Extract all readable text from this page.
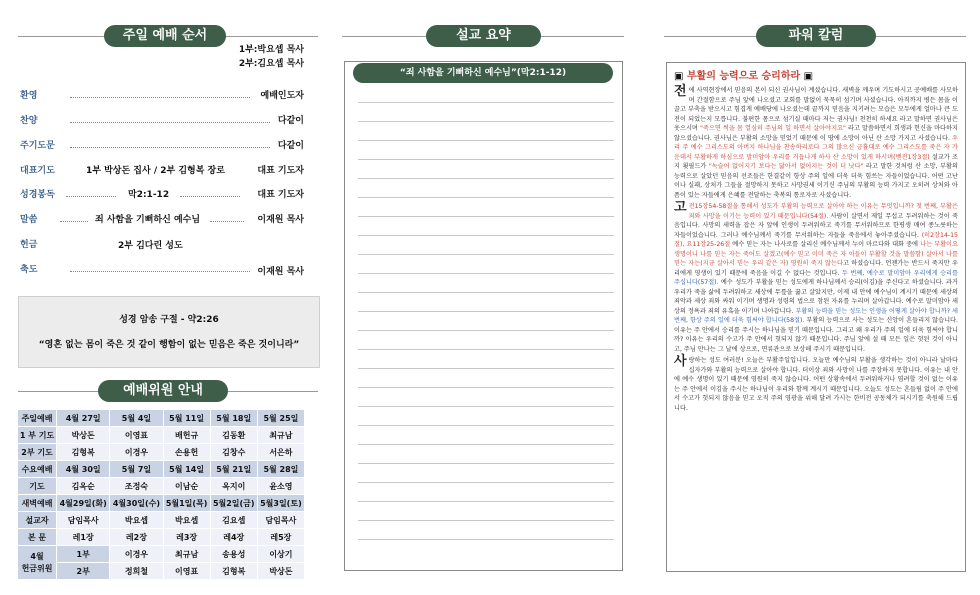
주일 예배 순서
1부:박요셉 목사
2부:김요셉 목사
환영	예배인도자
찬양	다같이
주기도문	다같이
대표기도	1부 박상돈 집사 / 2부 김형복 장로	대표 기도자
성경봉독	막2:1-12	대표 기도자
말씀	죄 사함을 기뻐하신 예수님	이재원 목사
헌금	2부 김다린 성도
축도	이재원 목사
성경 암송 구절 - 약2:26
“영혼 없는 몸이 죽은 것 같이 행함이 없는 믿음은 죽은 것이니라”
예배위원 안내
주일예배	4월 27일	5월 4일	5월 11일	5월 18일	5월 25일
1 부 기도	박상돈	이영표	배헌규	김동환	최규남
2부 기도	김형복	이경우	손용헌	김창수	서은하
수요예배	4월 30일	5월 7일	5월 14일	5월 21일	5월 28일
기도	김옥순	조정숙	이남순	옥지이	윤소영
새벽예배	4월29일(화)	4월30일(수)	5월1일(목)	5월2일(금)	5월3일(토)
설교자	담임목사	박요셉	박요셉	김요셉	담임목사
본 문	레1장	레2장	레3장	레4장	레5장
4월
헌금위원	1부	이경우	최규남	송용성	이상기
	2부	정희철	이영표	김형복	박상돈
설교 요약
“죄 사함을 기뻐하신 예수님”(막2:1-12)
파워 칼럼
▣ 부활의 능력으로 승리하라 ▣

전에 사역현장에서 믿음의 본이 되신 권사님이 계셨습니다. 새벽을 깨우며 기도하시고 공예배를 사모하며 간절함으로 주님 앞에 나오셨고 교회를 말없이 묵묵히 섬기며 사셨습니다. 아직까지 병든 몸을 이끌고 부축을 받으시고 힘겹게 예배당에 나오셨는데 끝까지 믿음을 지키려는 모습은 모두에게 얼마나 큰 도전이 되었는지 모릅니다. 불편한 몸으로 섬기실 때마다 저는 권사님! 천천히 하세요 라고 말하면 권사님은 웃으시며 "죽으면 썩을 몸 열심히 주님의 일 하면서 살아야지요" 라고 말씀하면서 희생과 헌신을 마다하지 않으셨습니다. 권사님은 부활의 소망을 믿었기 때문에 이 땅에 소망이 아닌 산 소망 가지고 사셨습니다. 우리 주 예수 그리스도의 아버지 하나님을 찬송하리로다 그의 많으신 긍휼대로 예수 그리스도를 죽은 자 가운데서 부활하게 하심으로 말미암아 우리를 거듭나게 하사 산 소망이 있게 하시며(벧전1장3절) 설교가 조지 휫필드가 "녹슬어 없어지기 보다는 닳아서 없어지는 것이 더 낫다" 라고 말한 것처럼 산 소망, 부활의 능력으로 살았던 믿음의 선조들은 한결같이 항상 주의 일에 더욱 더욱 힘쓰는 자들이었습니다. 어떤 고난이나 실패, 상처가 그들을 절망하지 못하고 사망권세 이기신 주님의 부활의 능력 가지고 오히려 상처와 아픔이 있는 자들에게 은혜를 전달하는 축복의 통로자로 사셨습니다.

고전15장54-58절을 통해서 성도가 부활의 능력으로 살아야 하는 이유는 무엇입니까? 첫 번째, 부활은 죄와 사망을 이기는 능력이 있기 때문입니다(54절). 사람이 살면서 제일 무섭고 두려워하는 것이 죽음입니다. 사망의 세력을 잡은 자 앞에 인생이 두려워하고 죽기를 무서워하므로 한평생 매여 종노릇하는 자들이었습니다. 그러나 예수님께서 죽기를 무서워하는 자들을 죽음에서 놓아주셨습니다. (히2장14-15절), 요11장25-26절 예수 믿는 자는 나사로를 살리신 예수님께서 누이 마르다와 대화 중에 나는 부활이요 생명이니 나를 믿는 자는 죽어도 살겠고(예수 믿고 이미 죽은 자 이들이 부활할 것을 말씀함) 살아서 나를 믿는 자는(지금 살아서 믿는 우리 같은 자) 영원히 죽지 않는다고 하셨습니다. 언젠가는 반드시 죽지만 우리에게 영생이 있기 때문에 죽음을 이길 수 없다는 것입니다. 두 번째, 예수로 말미암아 우리에게 승리를 주십니다(57절). 예수 성도가 부활을 믿는 성도에게 하나님께서 승리(이김)을 주신다고 하셨습니다. 과거 우리가 죽을 삶에 두려워하고 세상에 무릎을 꿇고 살았지만, 이제 내 안에 예수님이 계시기 때문에 세상의 죄악과 세상 죄와 싸워 이기며 생명과 성령의 법으로 참된 자유를 누리며 살아갑니다. 예수로 말미암아 세상의 정욕과 죄의 유혹을 이기며 나아갑니다. 부활의 능력을 믿는 성도는 인생을 어떻게 살아야 합니까? 세 번째, 항상 주의 일에 더욱 힘써야 합니다(58절). 부활의 능력으로 사는 성도는 신앙이 흔들리지 않습니다. 이유는 주 안에서 승리를 주시는 하나님을 믿기 때문입니다. 그리고 왜 우리가 주의 일에 더욱 힘써야 합니까? 이유는 우리의 수고가 주 안에서 헛되지 않기 때문입니다. 주님 앞에 설 때 모든 일은 헛된 것이 아니고, 주님 만나는 그 날에 상으로, 면류관으로 보상해 주시기 때문입니다.

사랑하는 성도 여러분! 오늘은 부활주일입니다. 오늘만 예수님의 부활을 생각하는 것이 아니라 날마다 십자가와 부활의 능력으로 살아야 합니다. 더이상 죄와 사망이 나를 주장하지 못합니다. 이유는 내 안에 예수 생명이 있기 때문에 영원히 죽지 않습니다. 어떤 상황속에서 두려워하거나 염려할 것이 없는 이유는 주 안에서 이김을 주시는 하나님이 우리와 함께 계시기 때문입니다. 오늘도 성도는 흔들림 없이 주 안에서 수고가 헛되지 않음을 믿고 오직 주의 영광을 위해 달려 가시는 한비전 공동체가 되시기를 축원해 드립니다.
